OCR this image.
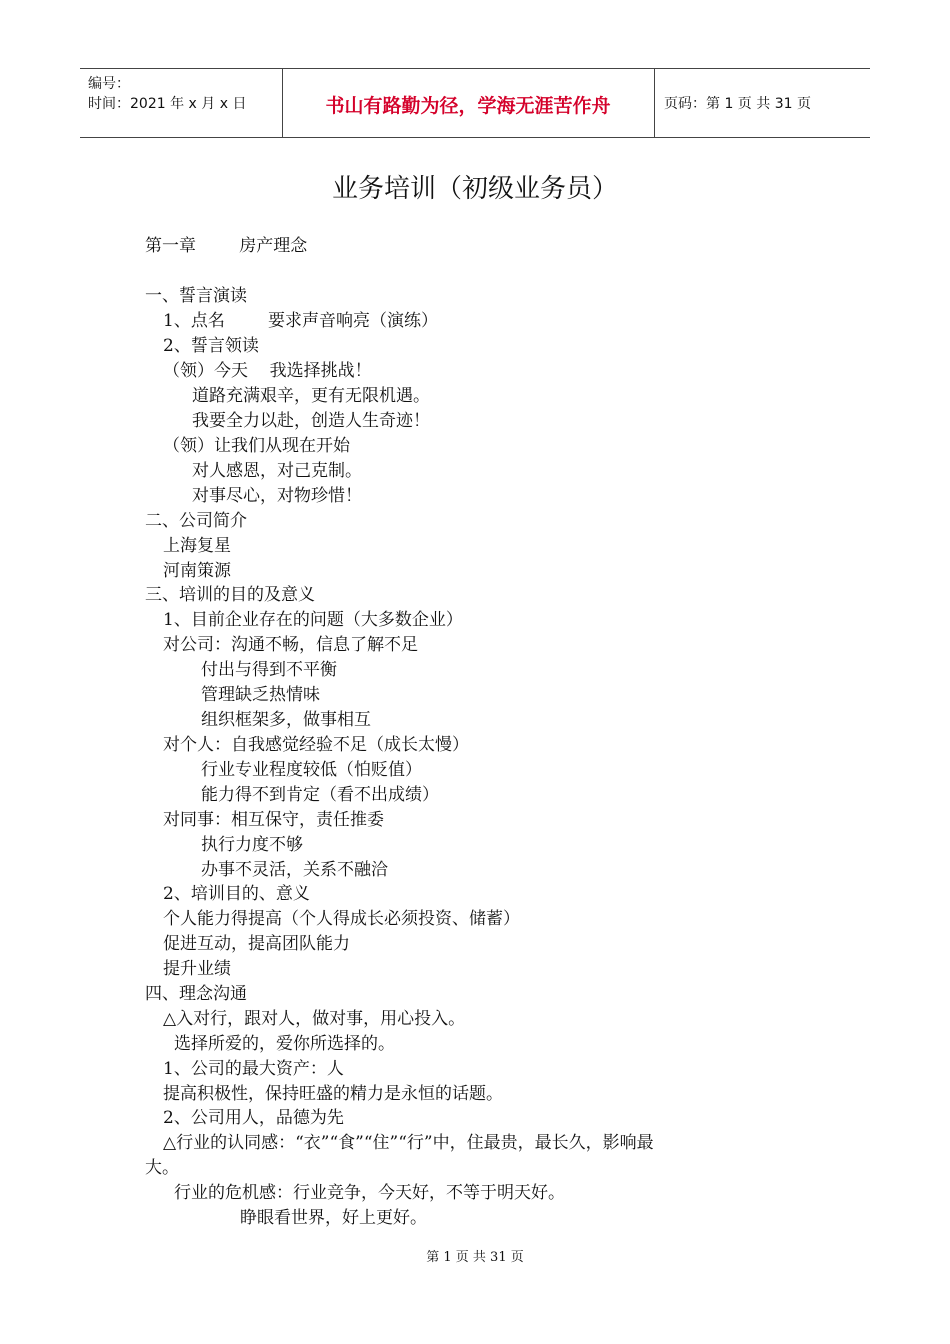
编号：
时间：2021 年 x 月 x 日	书山有路勤为径，学海无涯苦作舟	页码：第 1 页 共 31 页
业务培训（初级业务员）
第一章        房产理念
一、誓言演读
1、点名        要求声音响亮（演练）
2、誓言领读
（领）今天    我选择挑战！
道路充满艰辛，更有无限机遇。
我要全力以赴，创造人生奇迹！
（领）让我们从现在开始
对人感恩，对己克制。
对事尽心，对物珍惜！
二、公司简介
上海复星
河南策源
三、培训的目的及意义
1、目前企业存在的问题（大多数企业）
对公司：沟通不畅，信息了解不足
付出与得到不平衡
管理缺乏热情味
组织框架多，做事相互
对个人：自我感觉经验不足（成长太慢）
行业专业程度较低（怕贬值）
能力得不到肯定（看不出成绩）
对同事：相互保守，责任推委
执行力度不够
办事不灵活，关系不融洽
2、培训目的、意义
个人能力得提高（个人得成长必须投资、储蓄）
促进互动，提高团队能力
提升业绩
四、理念沟通
△入对行，跟对人，做对事，用心投入。
选择所爱的，爱你所选择的。
1、公司的最大资产：人
提高积极性，保持旺盛的精力是永恒的话题。
2、公司用人，品德为先
△行业的认同感：“衣”“食”“住”“行”中，住最贵，最长久，影响最
大。
行业的危机感：行业竞争，今天好，不等于明天好。
睁眼看世界，好上更好。
第 1 页 共 31 页
